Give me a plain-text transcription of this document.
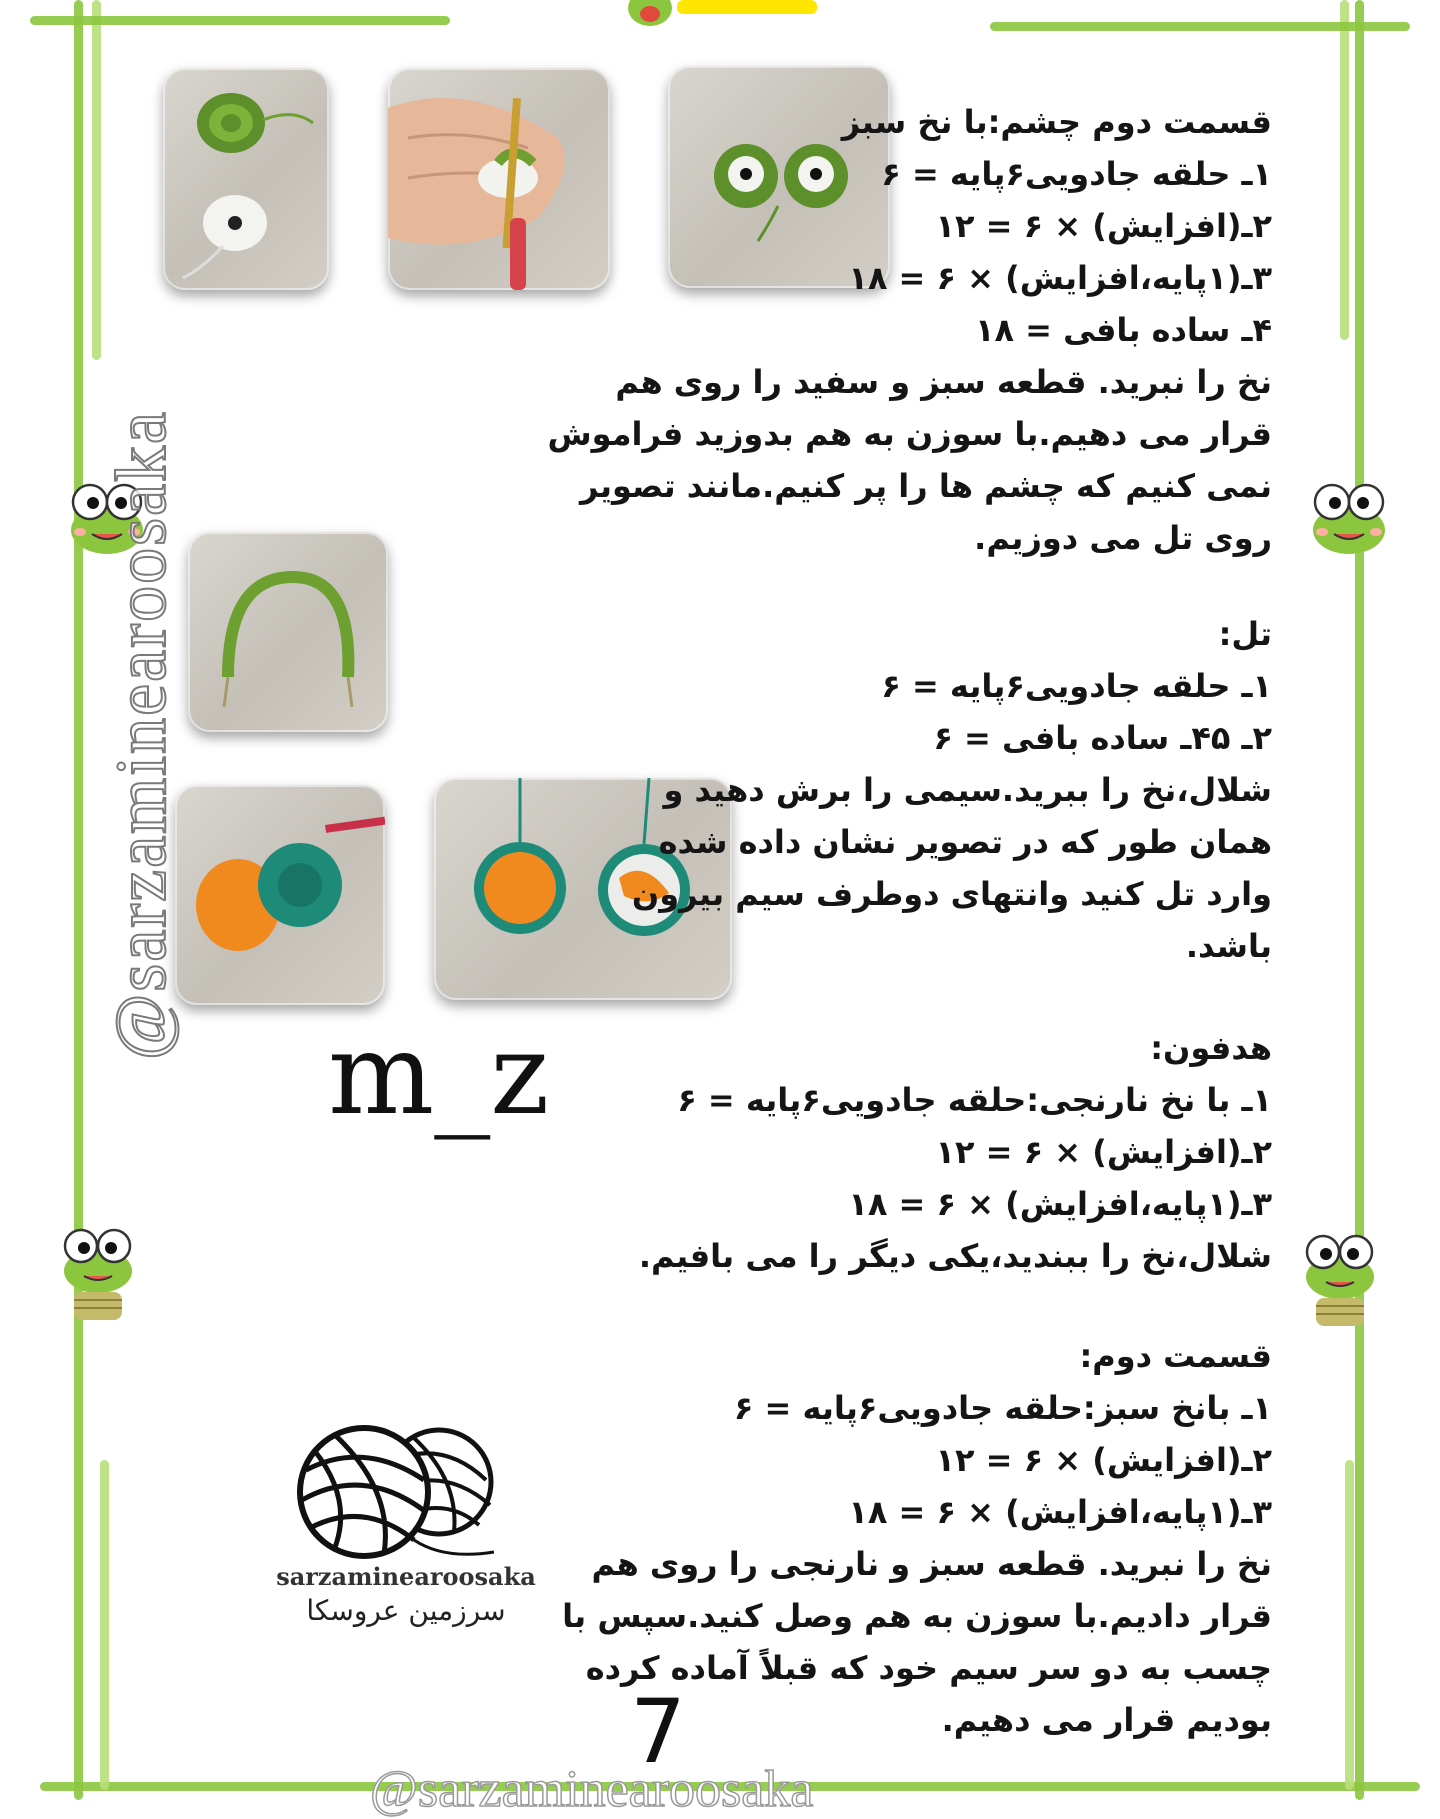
@sarzaminearoosaka

قسمت دوم چشم:با نخ سبز

۱ـ حلقه جادویی۶پایه = ۶

۲ـ(افزایش) × ۶ = ۱۲

۳ـ(۱پایه،افزایش) × ۶ = ۱۸

۴ـ ساده بافی = ۱۸

نخ را نبرید. قطعه سبز و سفید را روی هم

قرار می دهیم.با سوزن به هم بدوزید فراموش

نمی کنیم که چشم ها را پر کنیم.مانند تصویر

روی تل می دوزیم.

تل:

۱ـ حلقه جادویی۶پایه = ۶

۲ـ ۴۵ـ ساده بافی = ۶

شلال،نخ را ببرید.سیمی را برش دهید و

همان طور که در تصویر نشان داده شده

وارد تل کنید وانتهای دوطرف سیم بیرون

باشد.

هدفون:

۱ـ با نخ نارنجی:حلقه جادویی۶پایه = ۶

۲ـ(افزایش) × ۶ = ۱۲

۳ـ(۱پایه،افزایش) × ۶ = ۱۸

شلال،نخ را ببندید،یکی دیگر را می بافیم.

قسمت دوم:

۱ـ بانخ سبز:حلقه جادویی۶پایه = ۶

۲ـ(افزایش) × ۶ = ۱۲

۳ـ(۱پایه،افزایش) × ۶ = ۱۸

نخ را نبرید. قطعه سبز و نارنجی را روی هم

قرار دادیم.با سوزن به هم وصل کنید.سپس با

چسب به دو سر سیم خود که قبلاً آماده کرده

بودیم قرار می دهیم.

m_z
sarzaminearoosaka
سرزمین عروسکا
7
@sarzaminearoosaka
